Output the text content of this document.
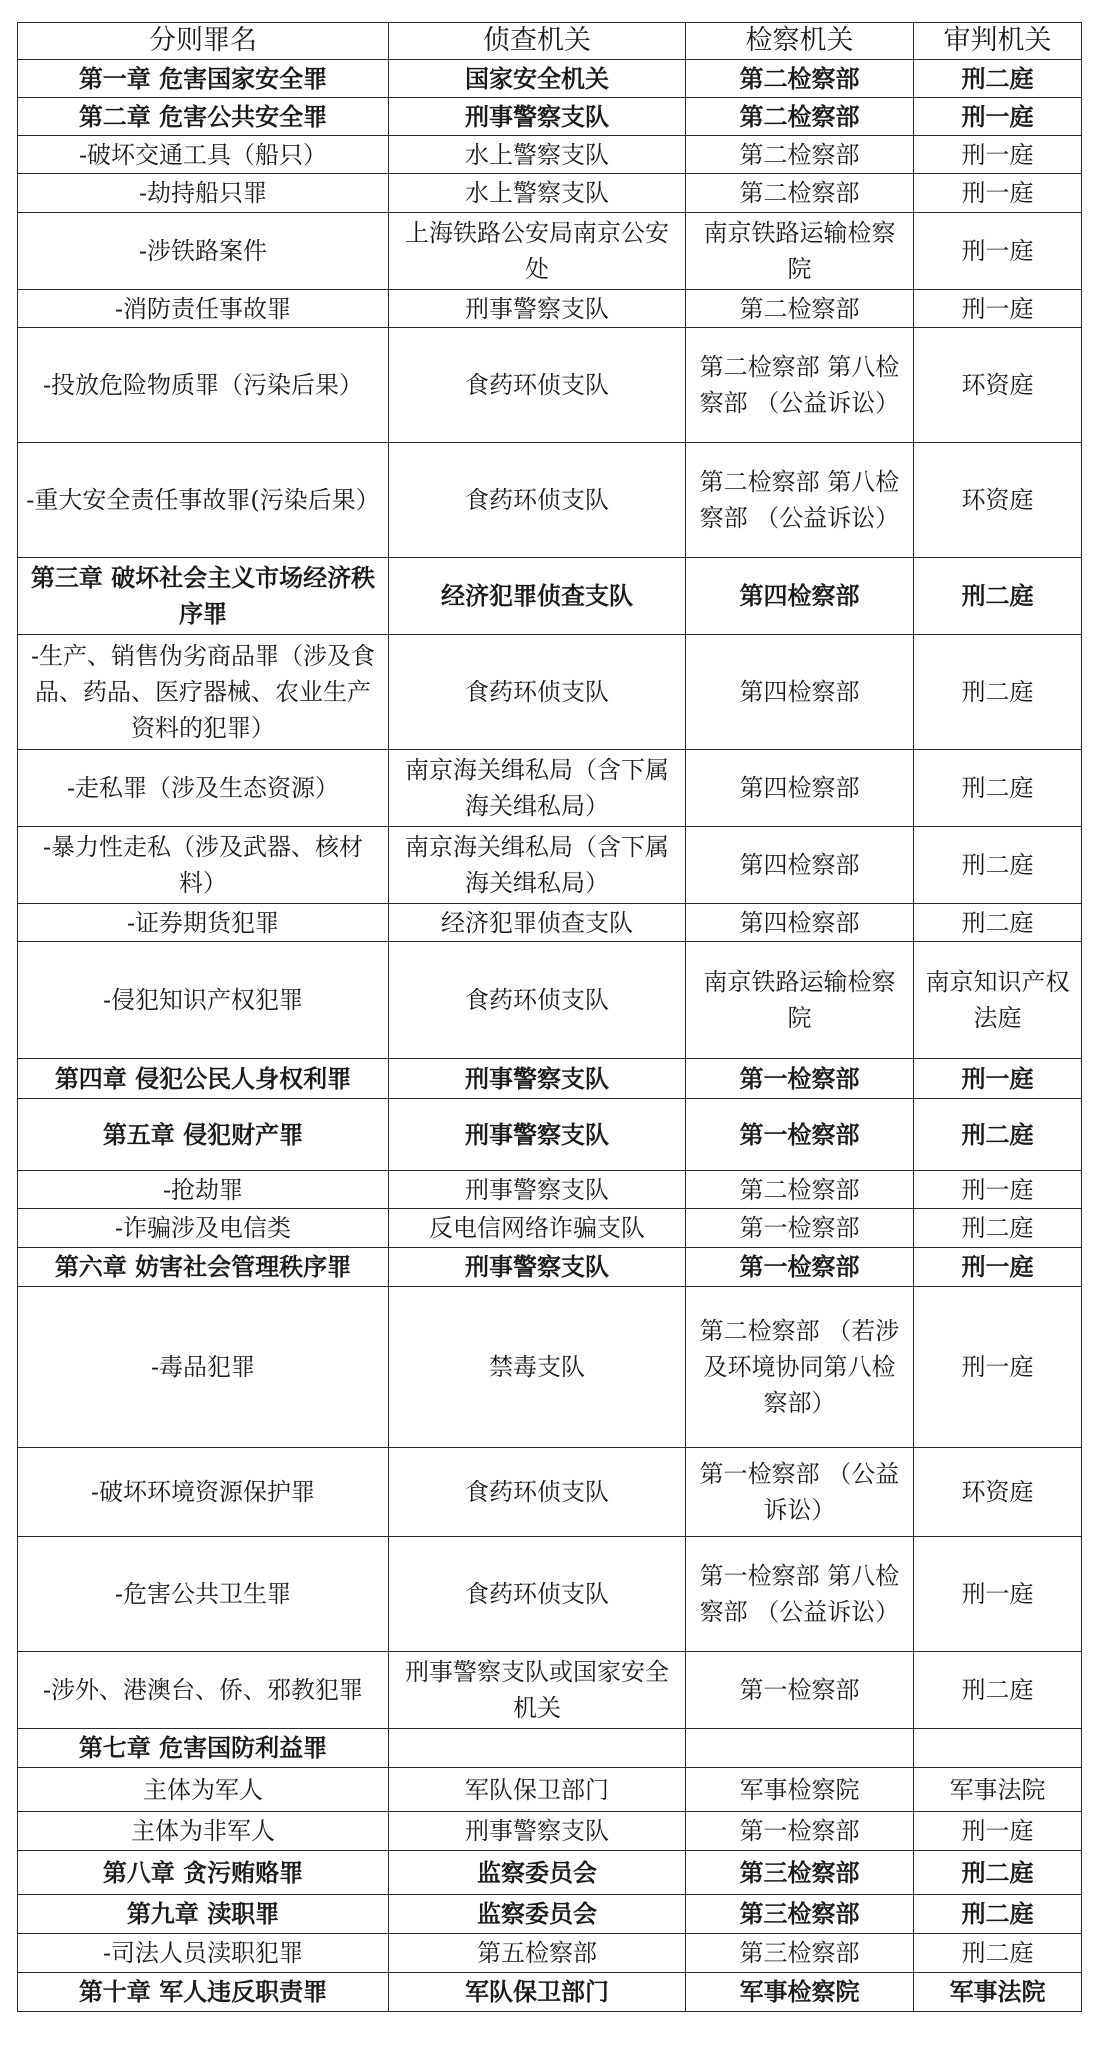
分则罪名	侦查机关	检察机关	审判机关
第一章 危害国家安全罪	国家安全机关	第二检察部	刑二庭
第二章 危害公共安全罪	刑事警察支队	第二检察部	刑一庭
-破坏交通工具（船只）	水上警察支队	第二检察部	刑一庭
-劫持船只罪	水上警察支队	第二检察部	刑一庭
-涉铁路案件	上海铁路公安局南京公安处	南京铁路运输检察院	刑一庭
-消防责任事故罪	刑事警察支队	第二检察部	刑一庭
-投放危险物质罪（污染后果）	食药环侦支队	第二检察部 第八检察部 （公益诉讼）	环资庭
-重大安全责任事故罪(污染后果）	食药环侦支队	第二检察部 第八检察部 （公益诉讼）	环资庭
第三章 破坏社会主义市场经济秩序罪	经济犯罪侦查支队	第四检察部	刑二庭
-生产、销售伪劣商品罪（涉及食品、药品、医疗器械、农业生产资料的犯罪）	食药环侦支队	第四检察部	刑二庭
-走私罪（涉及生态资源）	南京海关缉私局（含下属海关缉私局）	第四检察部	刑二庭
-暴力性走私（涉及武器、核材料）	南京海关缉私局（含下属海关缉私局）	第四检察部	刑二庭
-证券期货犯罪	经济犯罪侦查支队	第四检察部	刑二庭
-侵犯知识产权犯罪	食药环侦支队	南京铁路运输检察院	南京知识产权法庭
第四章 侵犯公民人身权利罪	刑事警察支队	第一检察部	刑一庭
第五章 侵犯财产罪	刑事警察支队	第一检察部	刑二庭
-抢劫罪	刑事警察支队	第二检察部	刑一庭
-诈骗涉及电信类	反电信网络诈骗支队	第一检察部	刑二庭
第六章 妨害社会管理秩序罪	刑事警察支队	第一检察部	刑一庭
-毒品犯罪	禁毒支队	第二检察部 （若涉及环境协同第八检察部）	刑一庭
-破坏环境资源保护罪	食药环侦支队	第一检察部 （公益诉讼）	环资庭
-危害公共卫生罪	食药环侦支队	第一检察部 第八检察部 （公益诉讼）	刑一庭
-涉外、港澳台、侨、邪教犯罪	刑事警察支队或国家安全机关	第一检察部	刑二庭
第七章 危害国防利益罪			
主体为军人	军队保卫部门	军事检察院	军事法院
主体为非军人	刑事警察支队	第一检察部	刑一庭
第八章 贪污贿赂罪	监察委员会	第三检察部	刑二庭
第九章 渎职罪	监察委员会	第三检察部	刑二庭
-司法人员渎职犯罪	第五检察部	第三检察部	刑二庭
第十章 军人违反职责罪	军队保卫部门	军事检察院	军事法院
